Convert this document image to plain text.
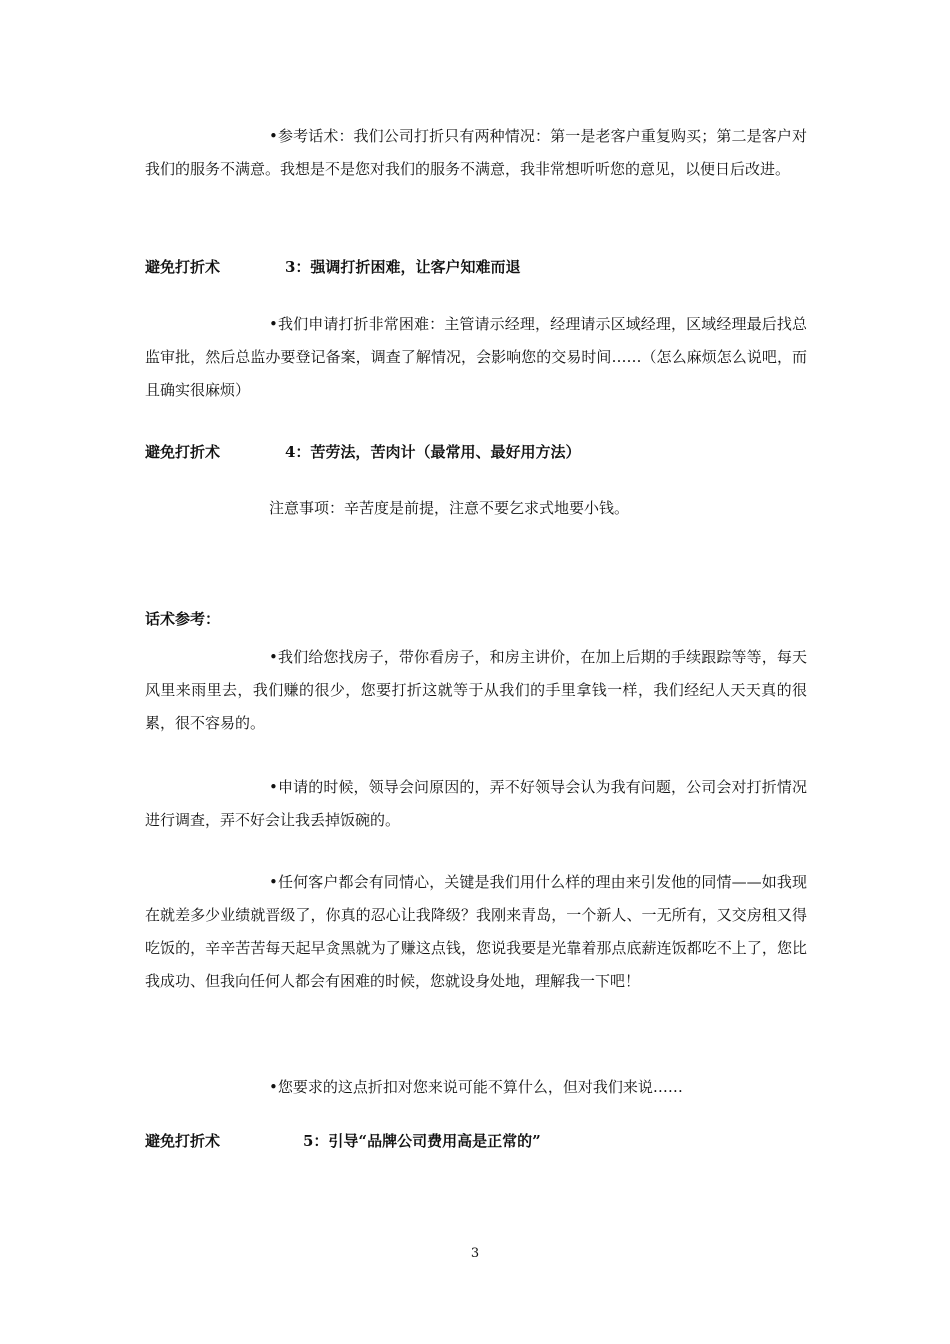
•参考话术：我们公司打折只有两种情况：第一是老客户重复购买；第二是客户对我们的服务不满意。我想是不是您对我们的服务不满意，我非常想听听您的意见，以便日后改进。

避免打折术	3：强调打折困难，让客户知难而退

•我们申请打折非常困难：主管请示经理，经理请示区域经理，区域经理最后找总监审批，然后总监办要登记备案，调查了解情况，会影响您的交易时间……（怎么麻烦怎么说吧，而且确实很麻烦）

避免打折术	4：苦劳法，苦肉计（最常用、最好用方法）

注意事项：辛苦度是前提，注意不要乞求式地要小钱。

话术参考：

•我们给您找房子，带你看房子，和房主讲价，在加上后期的手续跟踪等等，每天风里来雨里去，我们赚的很少，您要打折这就等于从我们的手里拿钱一样，我们经纪人天天真的很累，很不容易的。

•申请的时候，领导会问原因的，弄不好领导会认为我有问题，公司会对打折情况进行调查，弄不好会让我丢掉饭碗的。

•任何客户都会有同情心，关键是我们用什么样的理由来引发他的同情——如我现在就差多少业绩就晋级了，你真的忍心让我降级？我刚来青岛，一个新人、一无所有，又交房租又得吃饭的，辛辛苦苦每天起早贪黑就为了赚这点钱，您说我要是光靠着那点底薪连饭都吃不上了，您比我成功、但我向任何人都会有困难的时候，您就设身处地，理解我一下吧！

•您要求的这点折扣对您来说可能不算什么，但对我们来说……

避免打折术	5：引导“品牌公司费用高是正常的”
3
